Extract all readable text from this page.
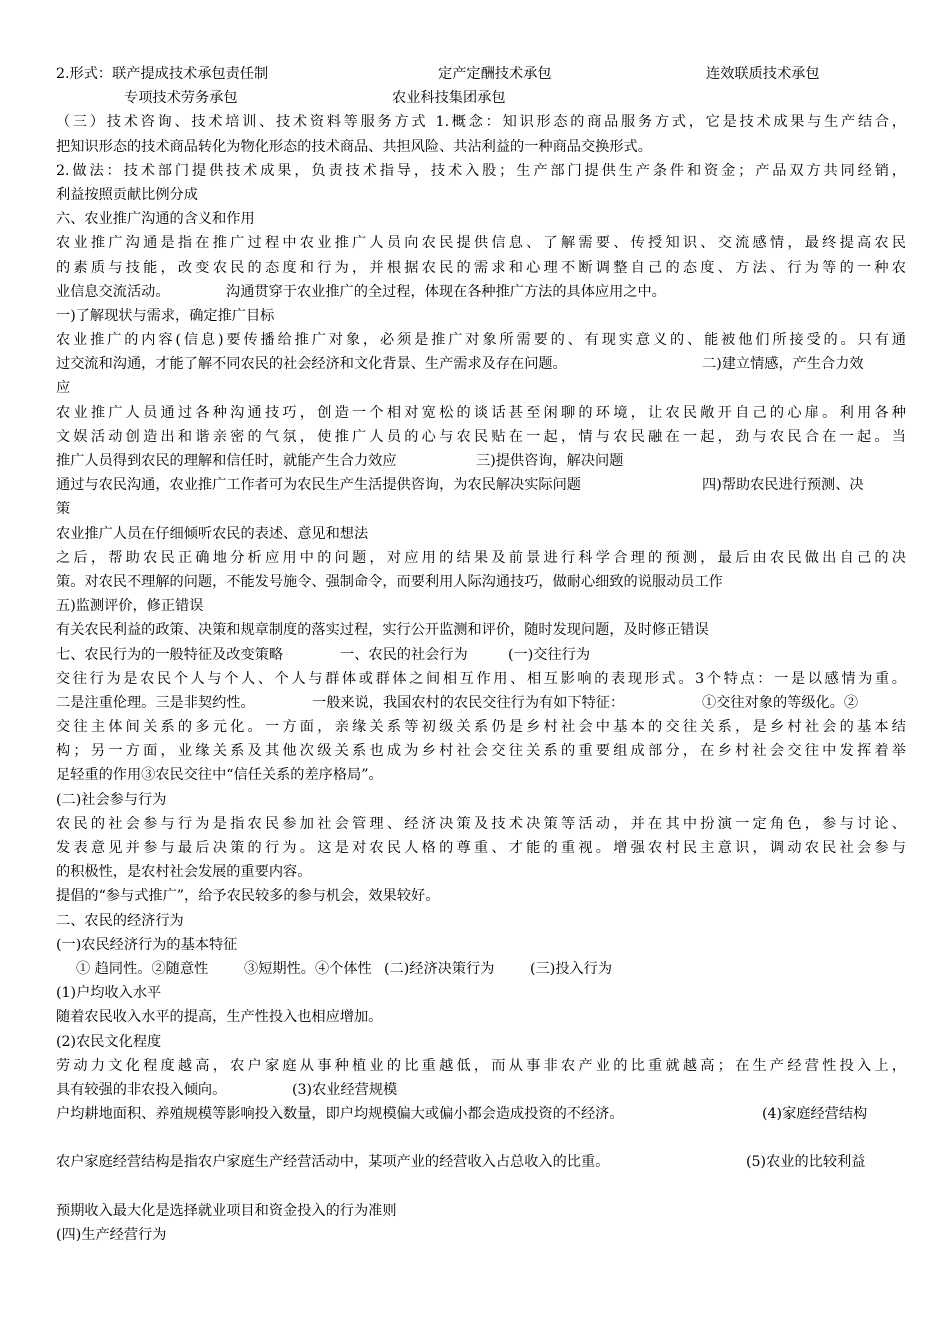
2.形式：联产提成技术承包责任制	定产定酬技术承包	连效联质技术承包
专项技术劳务承包	农业科技集团承包
（三）技术咨询、技术培训、技术资料等服务方式 1.概念：知识形态的商品服务方式，它是技术成果与生产结合，
把知识形态的技术商品转化为物化形态的技术商品、共担风险、共沾利益的一种商品交换形式。
2.做法：技术部门提供技术成果，负责技术指导，技术入股；生产部门提供生产条件和资金；产品双方共同经销，
利益按照贡献比例分成
六、农业推广沟通的含义和作用
农业推广沟通是指在推广过程中农业推广人员向农民提供信息、了解需要、传授知识、交流感情，最终提高农民
的素质与技能，改变农民的态度和行为，并根据农民的需求和心理不断调整自己的态度、方法、行为等的一种农
业信息交流活动。	沟通贯穿于农业推广的全过程，体现在各种推广方法的具体应用之中。
一)了解现状与需求，确定推广目标
农业推广的内容(信息)要传播给推广对象，必须是推广对象所需要的、有现实意义的、能被他们所接受的。只有通
过交流和沟通，才能了解不同农民的社会经济和文化背景、生产需求及存在问题。	二)建立情感，产生合力效
应
农业推广人员通过各种沟通技巧，创造一个相对宽松的谈话甚至闲聊的环境，让农民敞开自己的心扉。利用各种
文娱活动创造出和谐亲密的气氛，使推广人员的心与农民贴在一起，情与农民融在一起，劲与农民合在一起。当
推广人员得到农民的理解和信任时，就能产生合力效应	三)提供咨询，解决问题
通过与农民沟通，农业推广工作者可为农民生产生活提供咨询，为农民解决实际问题	四)帮助农民进行预测、决
策
农业推广人员在仔细倾听农民的表述、意见和想法
之后，帮助农民正确地分析应用中的问题，对应用的结果及前景进行科学合理的预测，最后由农民做出自己的决
策。对农民不理解的问题，不能发号施令、强制命令，而要利用人际沟通技巧，做耐心细致的说服动员工作
五)监测评价，修正错误
有关农民利益的政策、决策和规章制度的落实过程，实行公开监测和评价，随时发现问题，及时修正错误
七、农民行为的一般特征及改变策略	一、农民的社会行为	(一)交往行为
交往行为是农民个人与个人、个人与群体或群体之间相互作用、相互影响的表现形式。3个特点：一是以感情为重。
二是注重伦理。三是非契约性。	一般来说，我国农村的农民交往行为有如下特征：	①交往对象的等级化。②
交往主体间关系的多元化。一方面，亲缘关系等初级关系仍是乡村社会中基本的交往关系，是乡村社会的基本结
构；另一方面，业缘关系及其他次级关系也成为乡村社会交往关系的重要组成部分，在乡村社会交往中发挥着举
足轻重的作用③农民交往中“信任关系的差序格局”。
(二)社会参与行为
农民的社会参与行为是指农民参加社会管理、经济决策及技术决策等活动，并在其中扮演一定角色，参与讨论、
发表意见并参与最后决策的行为。这是对农民人格的尊重、才能的重视。增强农村民主意识，调动农民社会参与
的积极性，是农村社会发展的重要内容。
提倡的“参与式推广”，给予农民较多的参与机会，效果较好。
二、农民的经济行为
(一)农民经济行为的基本特征
① 趋同性。②随意性	③短期性。④个体性 (二)经济决策行为	(三)投入行为
(1)户均收入水平
随着农民收入水平的提高，生产性投入也相应增加。
(2)农民文化程度
劳动力文化程度越高，农户家庭从事种植业的比重越低，而从事非农产业的比重就越高；在生产经营性投入上，
具有较强的非农投入倾向。	(3)农业经营规模
户均耕地面积、养殖规模等影响投入数量，即户均规模偏大或偏小都会造成投资的不经济。	(4)家庭经营结构
农户家庭经营结构是指农户家庭生产经营活动中，某项产业的经营收入占总收入的比重。	(5)农业的比较利益
预期收入最大化是选择就业项目和资金投入的行为准则
(四)生产经营行为
